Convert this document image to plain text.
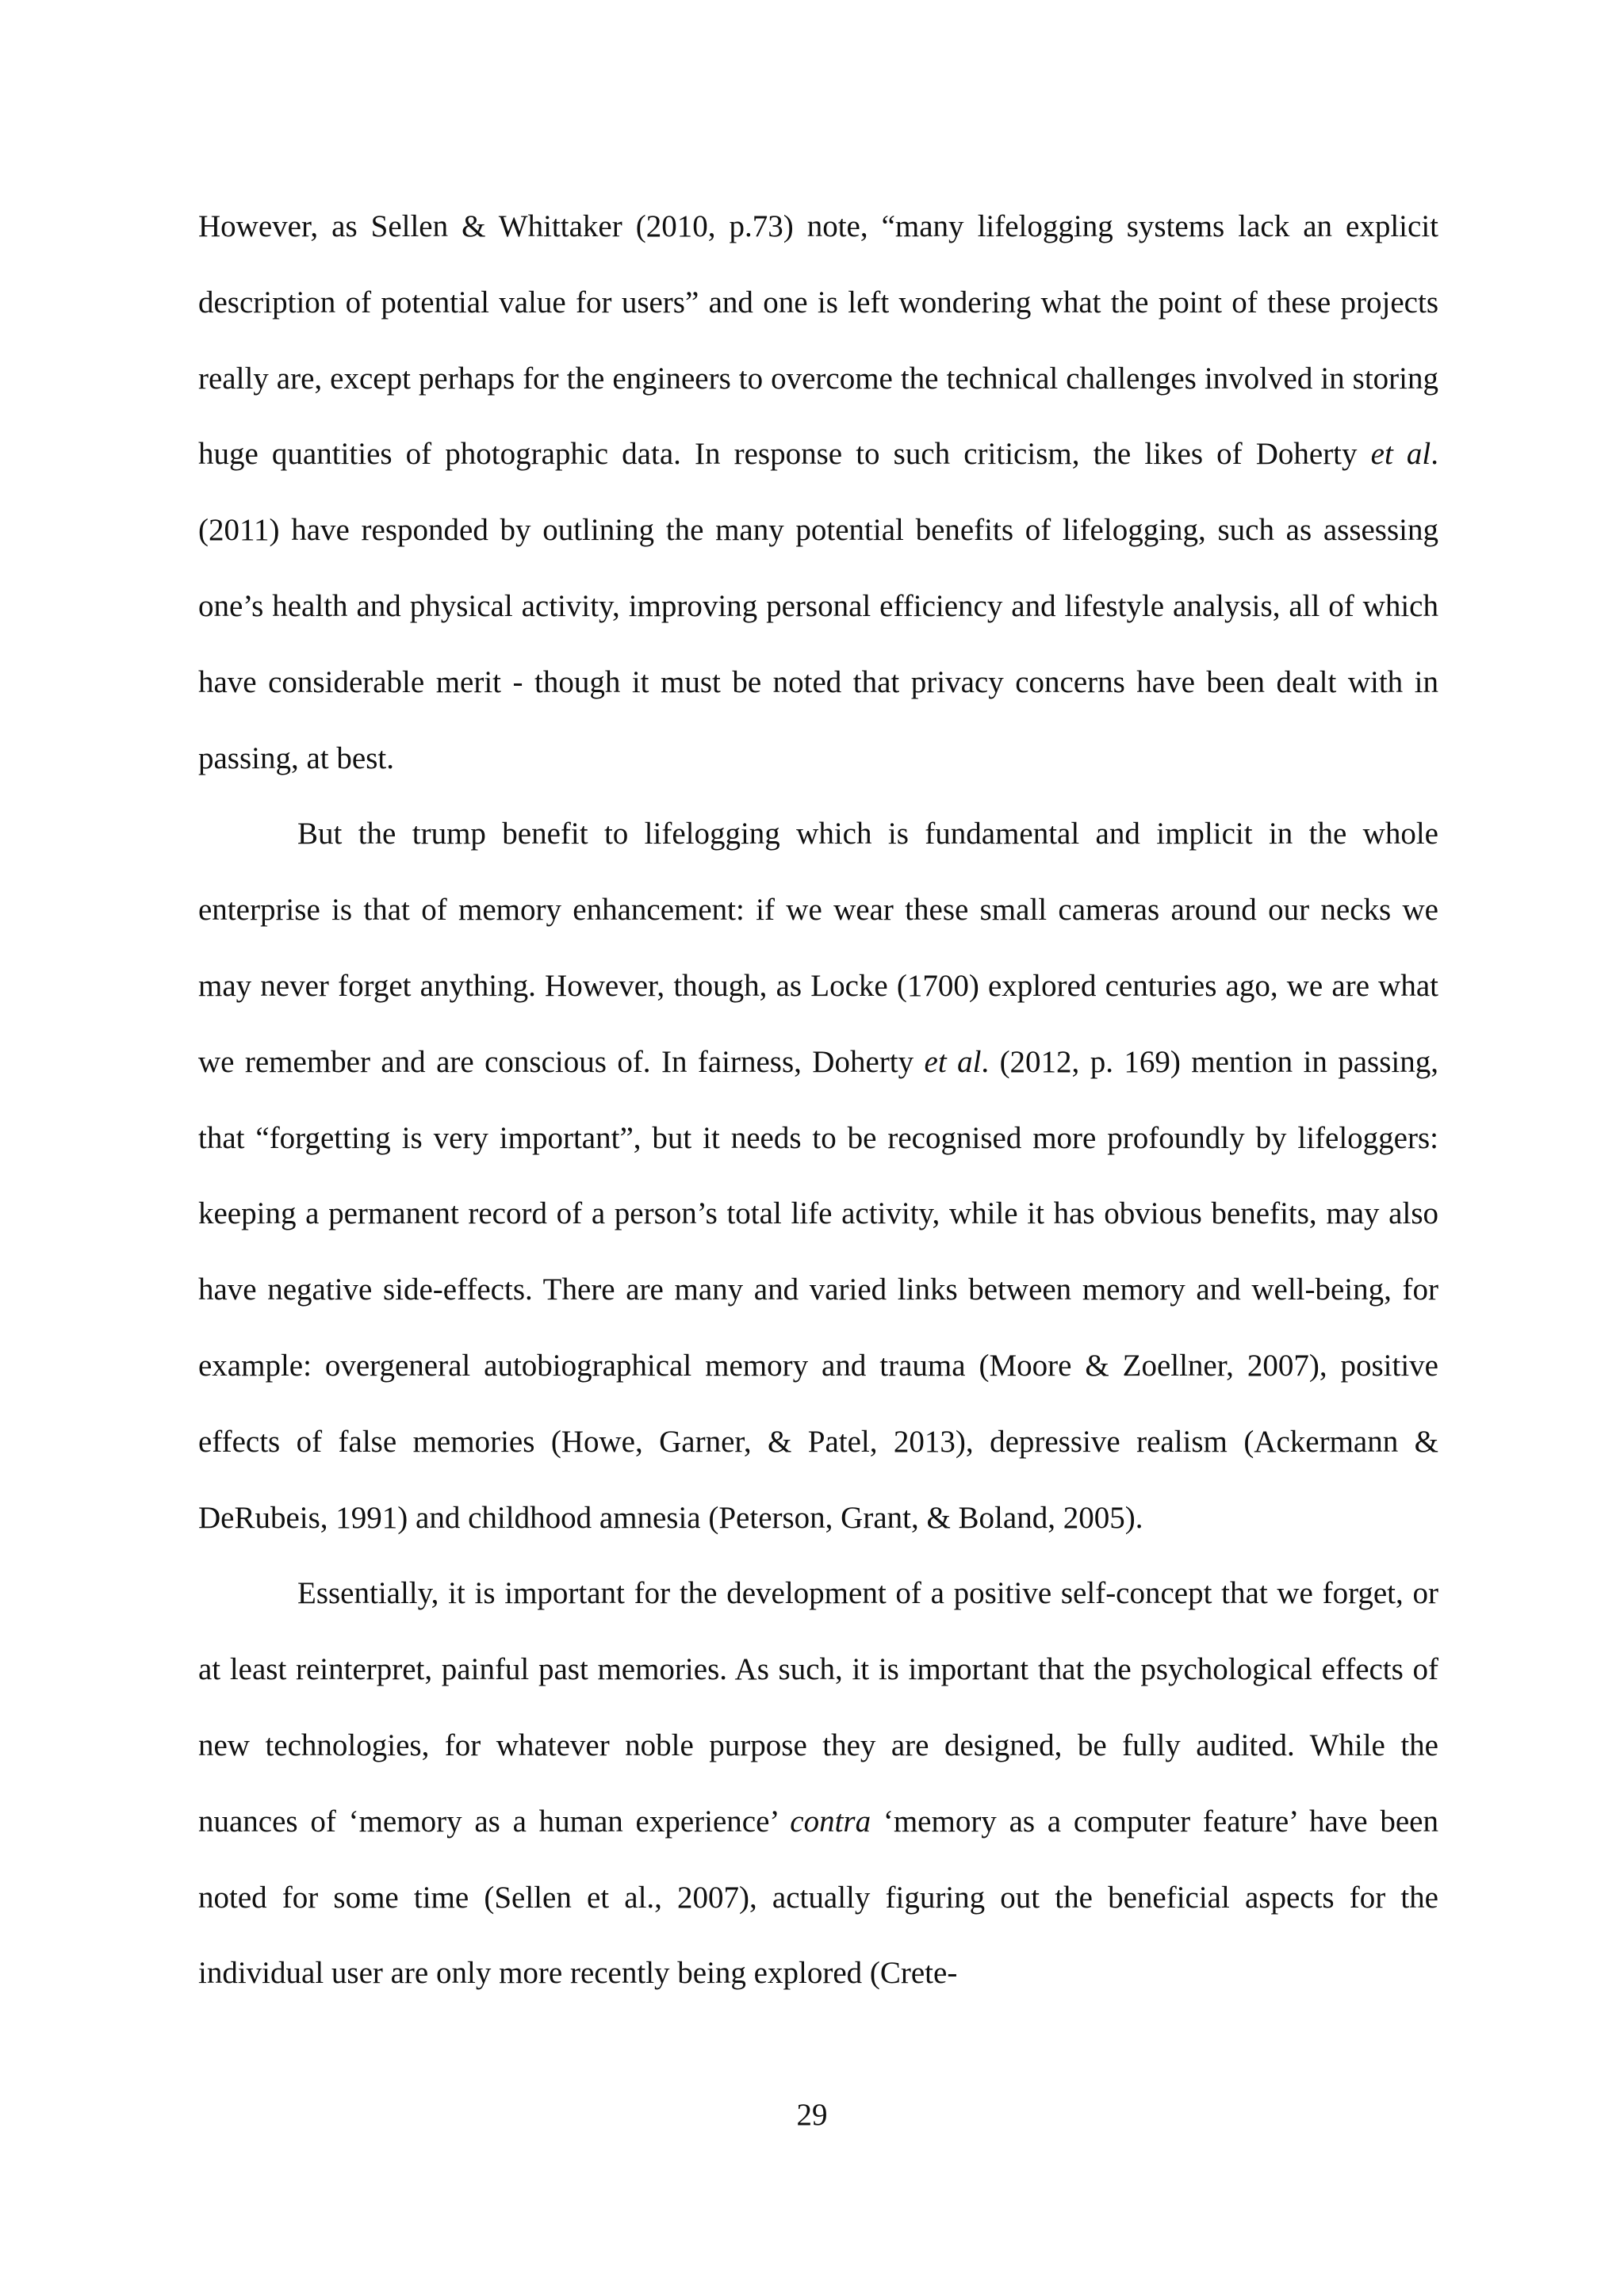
However, as Sellen & Whittaker (2010, p.73) note, “many lifelogging systems lack an explicit description of potential value for users” and one is left wondering what the point of these projects really are, except perhaps for the engineers to overcome the technical challenges involved in storing huge quantities of photographic data. In response to such criticism, the likes of Doherty et al. (2011) have responded by outlining the many potential benefits of lifelogging, such as assessing one’s health and physical activity, improving personal efficiency and lifestyle analysis, all of which have considerable merit - though it must be noted that privacy concerns have been dealt with in passing, at best.

But the trump benefit to lifelogging which is fundamental and implicit in the whole enterprise is that of memory enhancement: if we wear these small cameras around our necks we may never forget anything. However, though, as Locke (1700) explored centuries ago, we are what we remember and are conscious of. In fairness, Doherty et al. (2012, p. 169) mention in passing, that “forgetting is very important”, but it needs to be recognised more profoundly by lifeloggers: keeping a permanent record of a person’s total life activity, while it has obvious benefits, may also have negative side-effects. There are many and varied links between memory and well-being, for example: overgeneral autobiographical memory and trauma (Moore & Zoellner, 2007), positive effects of false memories (Howe, Garner, & Patel, 2013), depressive realism (Ackermann & DeRubeis, 1991) and childhood amnesia (Peterson, Grant, & Boland, 2005).

Essentially, it is important for the development of a positive self-concept that we forget, or at least reinterpret, painful past memories. As such, it is important that the psychological effects of new technologies, for whatever noble purpose they are designed, be fully audited. While the nuances of ‘memory as a human experience’ contra ‘memory as a computer feature’ have been noted for some time (Sellen et al., 2007), actually figuring out the beneficial aspects for the individual user are only more recently being explored (Crete-

29
